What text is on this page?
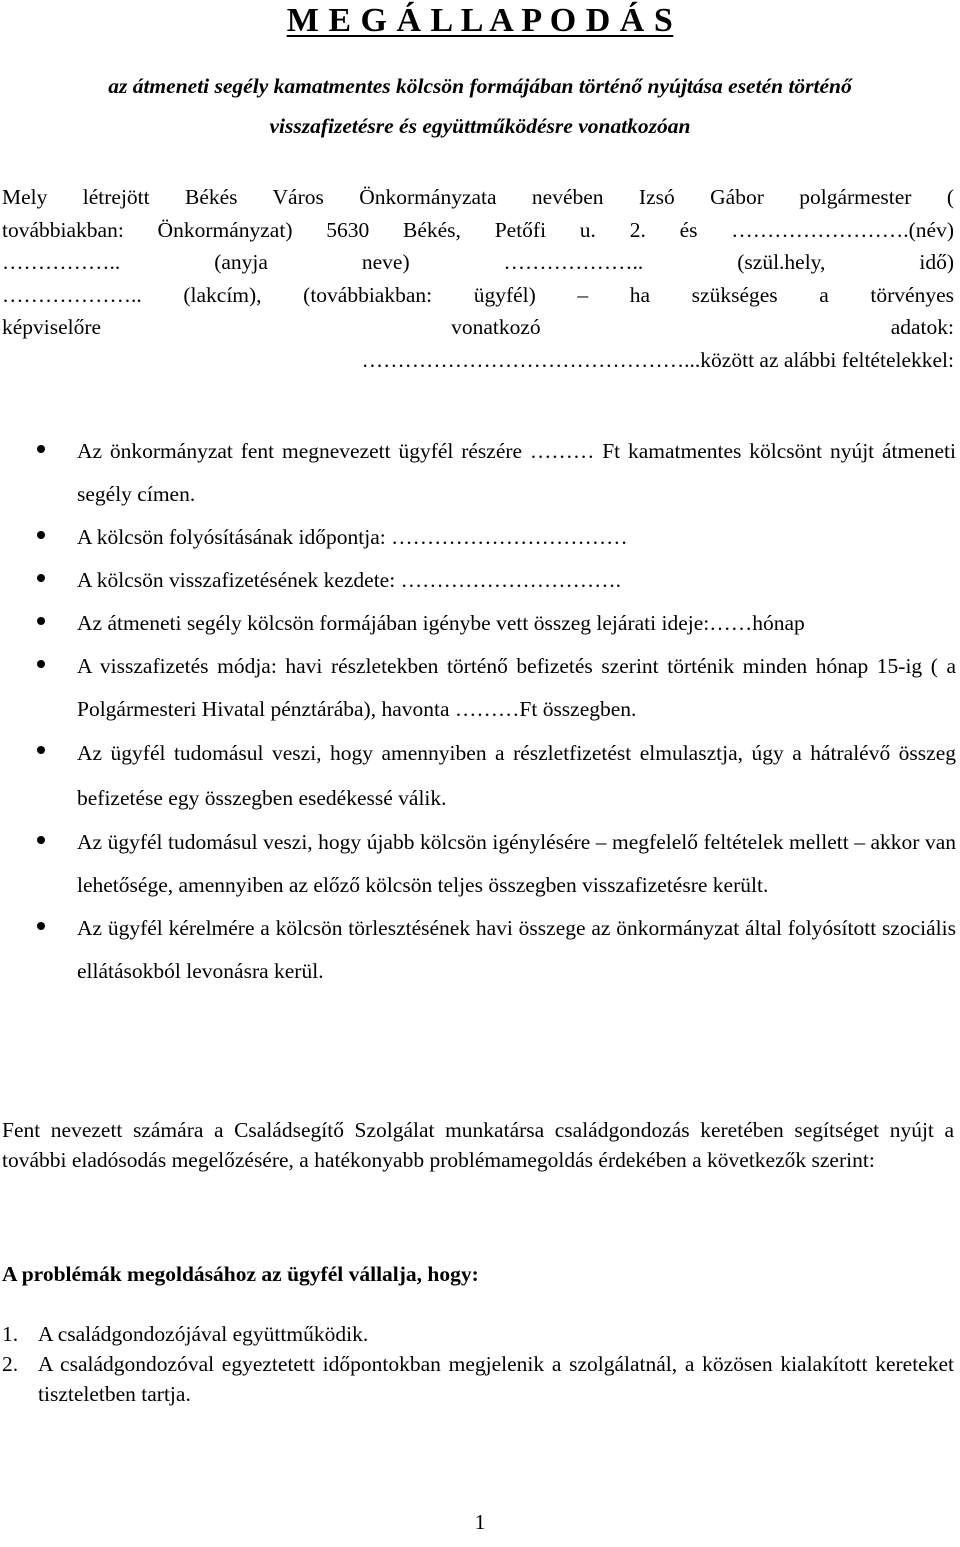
M E G Á L L A P O D Á S
az átmeneti segély kamatmentes kölcsön formájában történő nyújtása esetén történő
visszafizetésre és együttműködésre vonatkozóan
Mely létrejött Békés Város Önkormányzata nevében Izsó Gábor polgármester (
továbbiakban: Önkormányzat) 5630 Békés, Petőfi u. 2. és …………………….(név)
…………….. (anyja neve) ……………….. (szül.hely, idő)
……………….. (lakcím), (továbbiakban: ügyfél) – ha szükséges a törvényes
képviselőre vonatkozó adatok:
………………………………………...között az alábbi feltételekkel:
Az önkormányzat fent megnevezett ügyfél részére ……… Ft kamatmentes kölcsönt nyújt átmeneti segély címen.
A kölcsön folyósításának időpontja: ……………………………
A kölcsön visszafizetésének kezdete: ………………………….
Az átmeneti segély kölcsön formájában igénybe vett összeg lejárati ideje:……hónap
A visszafizetés módja: havi részletekben történő befizetés szerint történik minden hónap 15-ig ( a Polgármesteri Hivatal pénztárába), havonta ………Ft összegben.
Az ügyfél tudomásul veszi, hogy amennyiben a részletfizetést elmulasztja, úgy a hátralévő összeg befizetése egy összegben esedékessé válik.
Az ügyfél tudomásul veszi, hogy újabb kölcsön igénylésére – megfelelő feltételek mellett – akkor van lehetősége, amennyiben az előző kölcsön teljes összegben visszafizetésre került.
Az ügyfél kérelmére a kölcsön törlesztésének havi összege az önkormányzat által folyósított szociális ellátásokból levonásra kerül.

Fent nevezett számára a Családsegítő Szolgálat munkatársa családgondozás keretében segítséget nyújt a további eladósodás megelőzésére, a hatékonyabb problémamegoldás érdekében a következők szerint:

A problémák megoldásához az ügyfél vállalja, hogy:

1. A családgondozójával együttműködik.
2. A családgondozóval egyeztetett időpontokban megjelenik a szolgálatnál, a közösen kialakított kereteket tiszteletben tartja.
1
